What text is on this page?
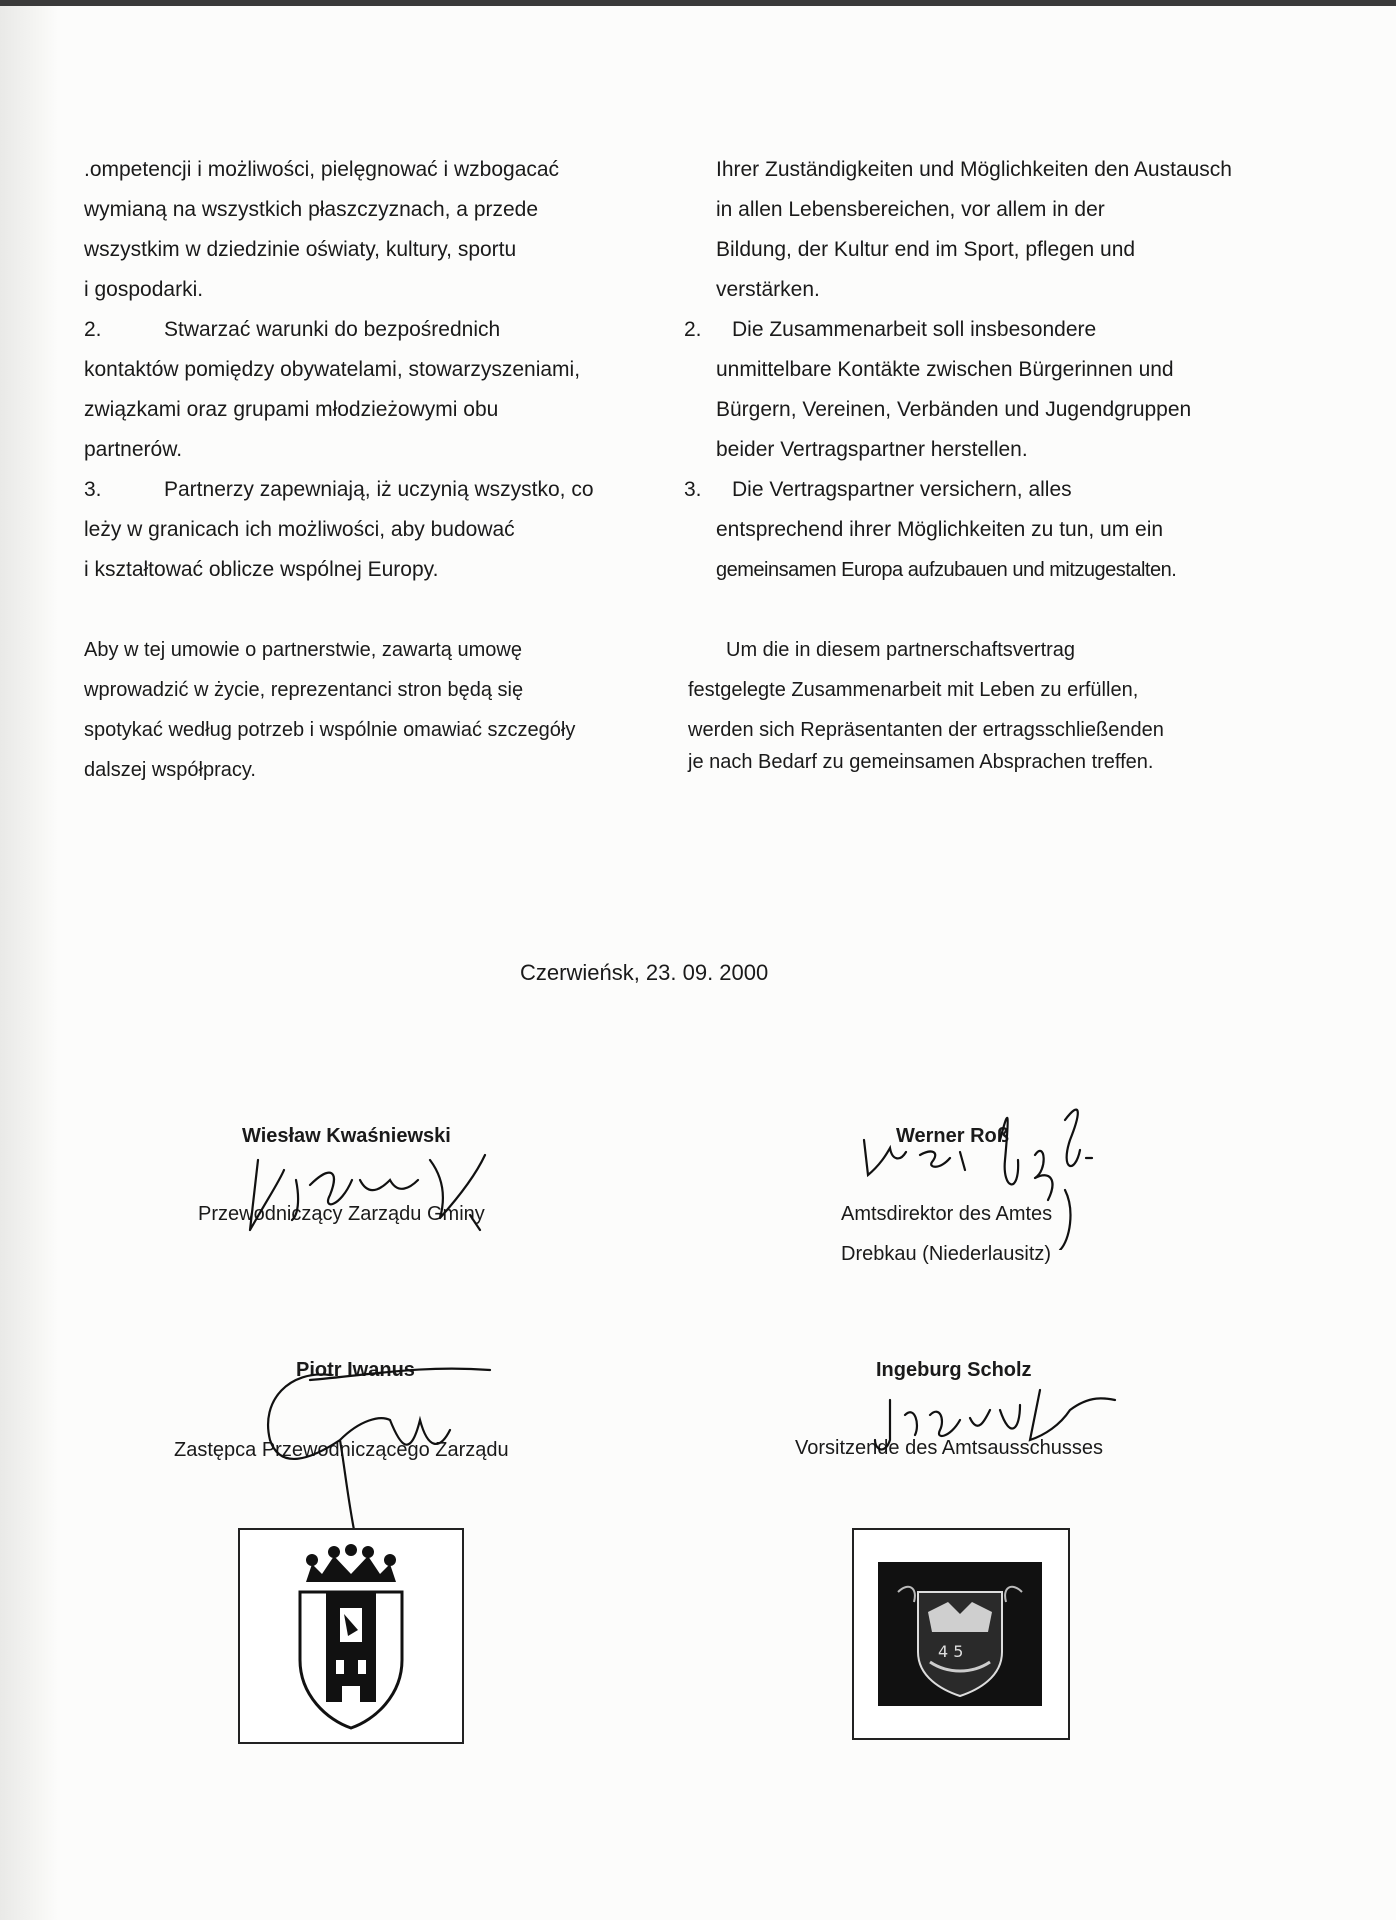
.ompetencji i możliwości, pielęgnować i wzbogacać

wymianą na wszystkich płaszczyznach, a przede

wszystkim w dziedzinie oświaty, kultury, sportu

i gospodarki.

2.	Stwarzać warunki do bezpośrednich

kontaktów pomiędzy obywatelami, stowarzyszeniami,

związkami oraz grupami młodzieżowymi obu

partnerów.

3.	Partnerzy zapewniają, iż uczynią wszystko, co

leży w granicach ich możliwości, aby budować

i kształtować oblicze wspólnej Europy.

Ihrer Zuständigkeiten und Möglichkeiten den Austausch

in allen Lebensbereichen, vor allem in der

Bildung, der Kultur end im Sport, pflegen und

verstärken.

2.	Die Zusammenarbeit soll insbesondere

unmittelbare Kontäkte zwischen Bürgerinnen und

Bürgern, Vereinen, Verbänden und Jugendgruppen

beider Vertragspartner herstellen.

3.	Die Vertragspartner versichern, alles

entsprechend ihrer Möglichkeiten zu tun, um ein

gemeinsamen Europa aufzubauen und mitzugestalten.

Aby w tej umowie o partnerstwie, zawartą umowę

wprowadzić w życie, reprezentanci stron będą się

spotykać według potrzeb i wspólnie omawiać szczegóły

dalszej współpracy.

Um die in diesem partnerschaftsvertrag

festgelegte Zusammenarbeit mit Leben zu erfüllen,

werden sich Repräsentanten der ertragsschließenden

je nach Bedarf zu gemeinsamen Absprachen treffen.

Czerwieńsk, 23. 09. 2000
Wiesław Kwaśniewski
Przewodniczący Zarządu Gminy
Werner Roß
Amtsdirektor des Amtes
Drebkau (Niederlausitz)
Piotr Iwanus
Zastępca Przewodniczącego Zarządu
Ingeburg Scholz
Vorsitzende des Amtsausschusses
4 5
